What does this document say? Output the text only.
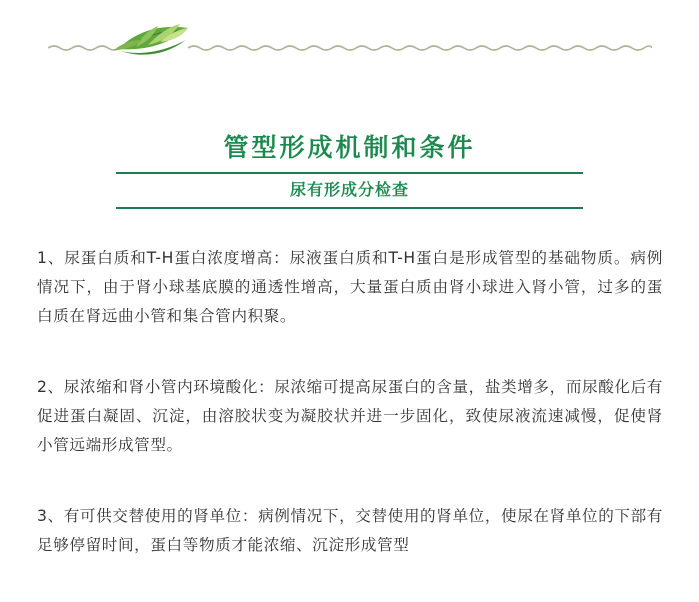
管型形成机制和条件
尿有形成分检查

1、尿蛋白质和T-H蛋白浓度增高：尿液蛋白质和T-H蛋白是形成管型的基础物质。病例情况下，由于肾小球基底膜的通透性增高，大量蛋白质由肾小球进入肾小管，过多的蛋白质在肾远曲小管和集合管内积聚。

2、尿浓缩和肾小管内环境酸化：尿浓缩可提高尿蛋白的含量，盐类增多，而尿酸化后有促进蛋白凝固、沉淀，由溶胶状变为凝胶状并进一步固化，致使尿液流速减慢，促使肾小管远端形成管型。

3、有可供交替使用的肾单位：病例情况下，交替使用的肾单位，使尿在肾单位的下部有足够停留时间，蛋白等物质才能浓缩、沉淀形成管型
